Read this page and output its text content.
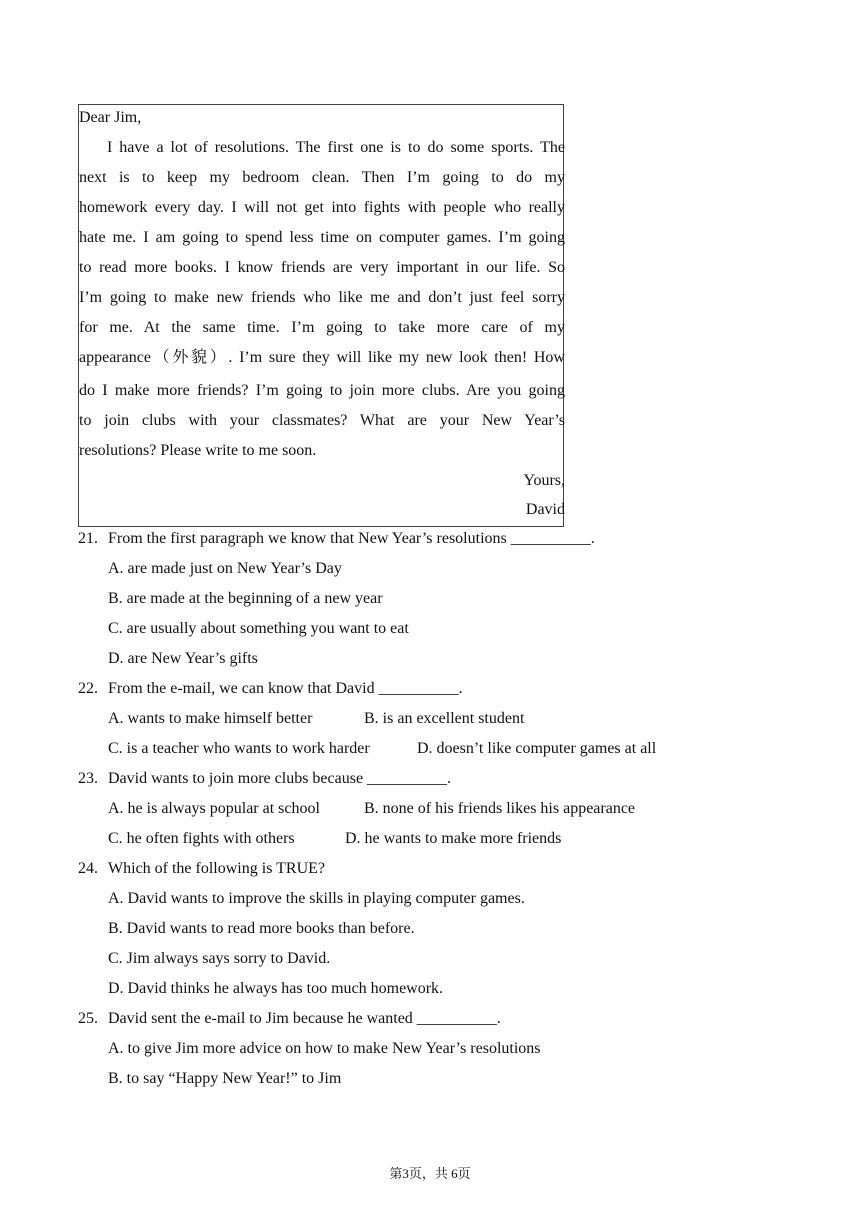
Dear Jim,
I have a lot of resolutions. The first one is to do some sports. The
next is to keep my bedroom clean. Then I’m going to do my
homework every day. I will not get into fights with people who really
hate me. I am going to spend less time on computer games. I’m going
to read more books. I know friends are very important in our life. So
I’m going to make new friends who like me and don’t just feel sorry
for me. At the same time. I’m going to take more care of my
appearance（外貌）. I’m sure they will like my new look then! How
do I make more friends? I’m going to join more clubs. Are you going
to join clubs with your classmates? What are your New Year’s
resolutions? Please write to me soon.
Yours,
David
21. From the first paragraph we know that New Year’s resolutions __________.
A. are made just on New Year’s Day
B. are made at the beginning of a new year
C. are usually about something you want to eat
D. are New Year’s gifts
22. From the e-mail, we can know that David __________.
A. wants to make himself better	B. is an excellent student
C. is a teacher who wants to work harder	D. doesn’t like computer games at all
23. David wants to join more clubs because __________.
A. he is always popular at school	B. none of his friends likes his appearance
C. he often fights with others	D. he wants to make more friends
24. Which of the following is TRUE?
A. David wants to improve the skills in playing computer games.
B. David wants to read more books than before.
C. Jim always says sorry to David.
D. David thinks he always has too much homework.
25. David sent the e-mail to Jim because he wanted __________.
A. to give Jim more advice on how to make New Year’s resolutions
B. to say “Happy New Year!” to Jim
第3页，共 6页
